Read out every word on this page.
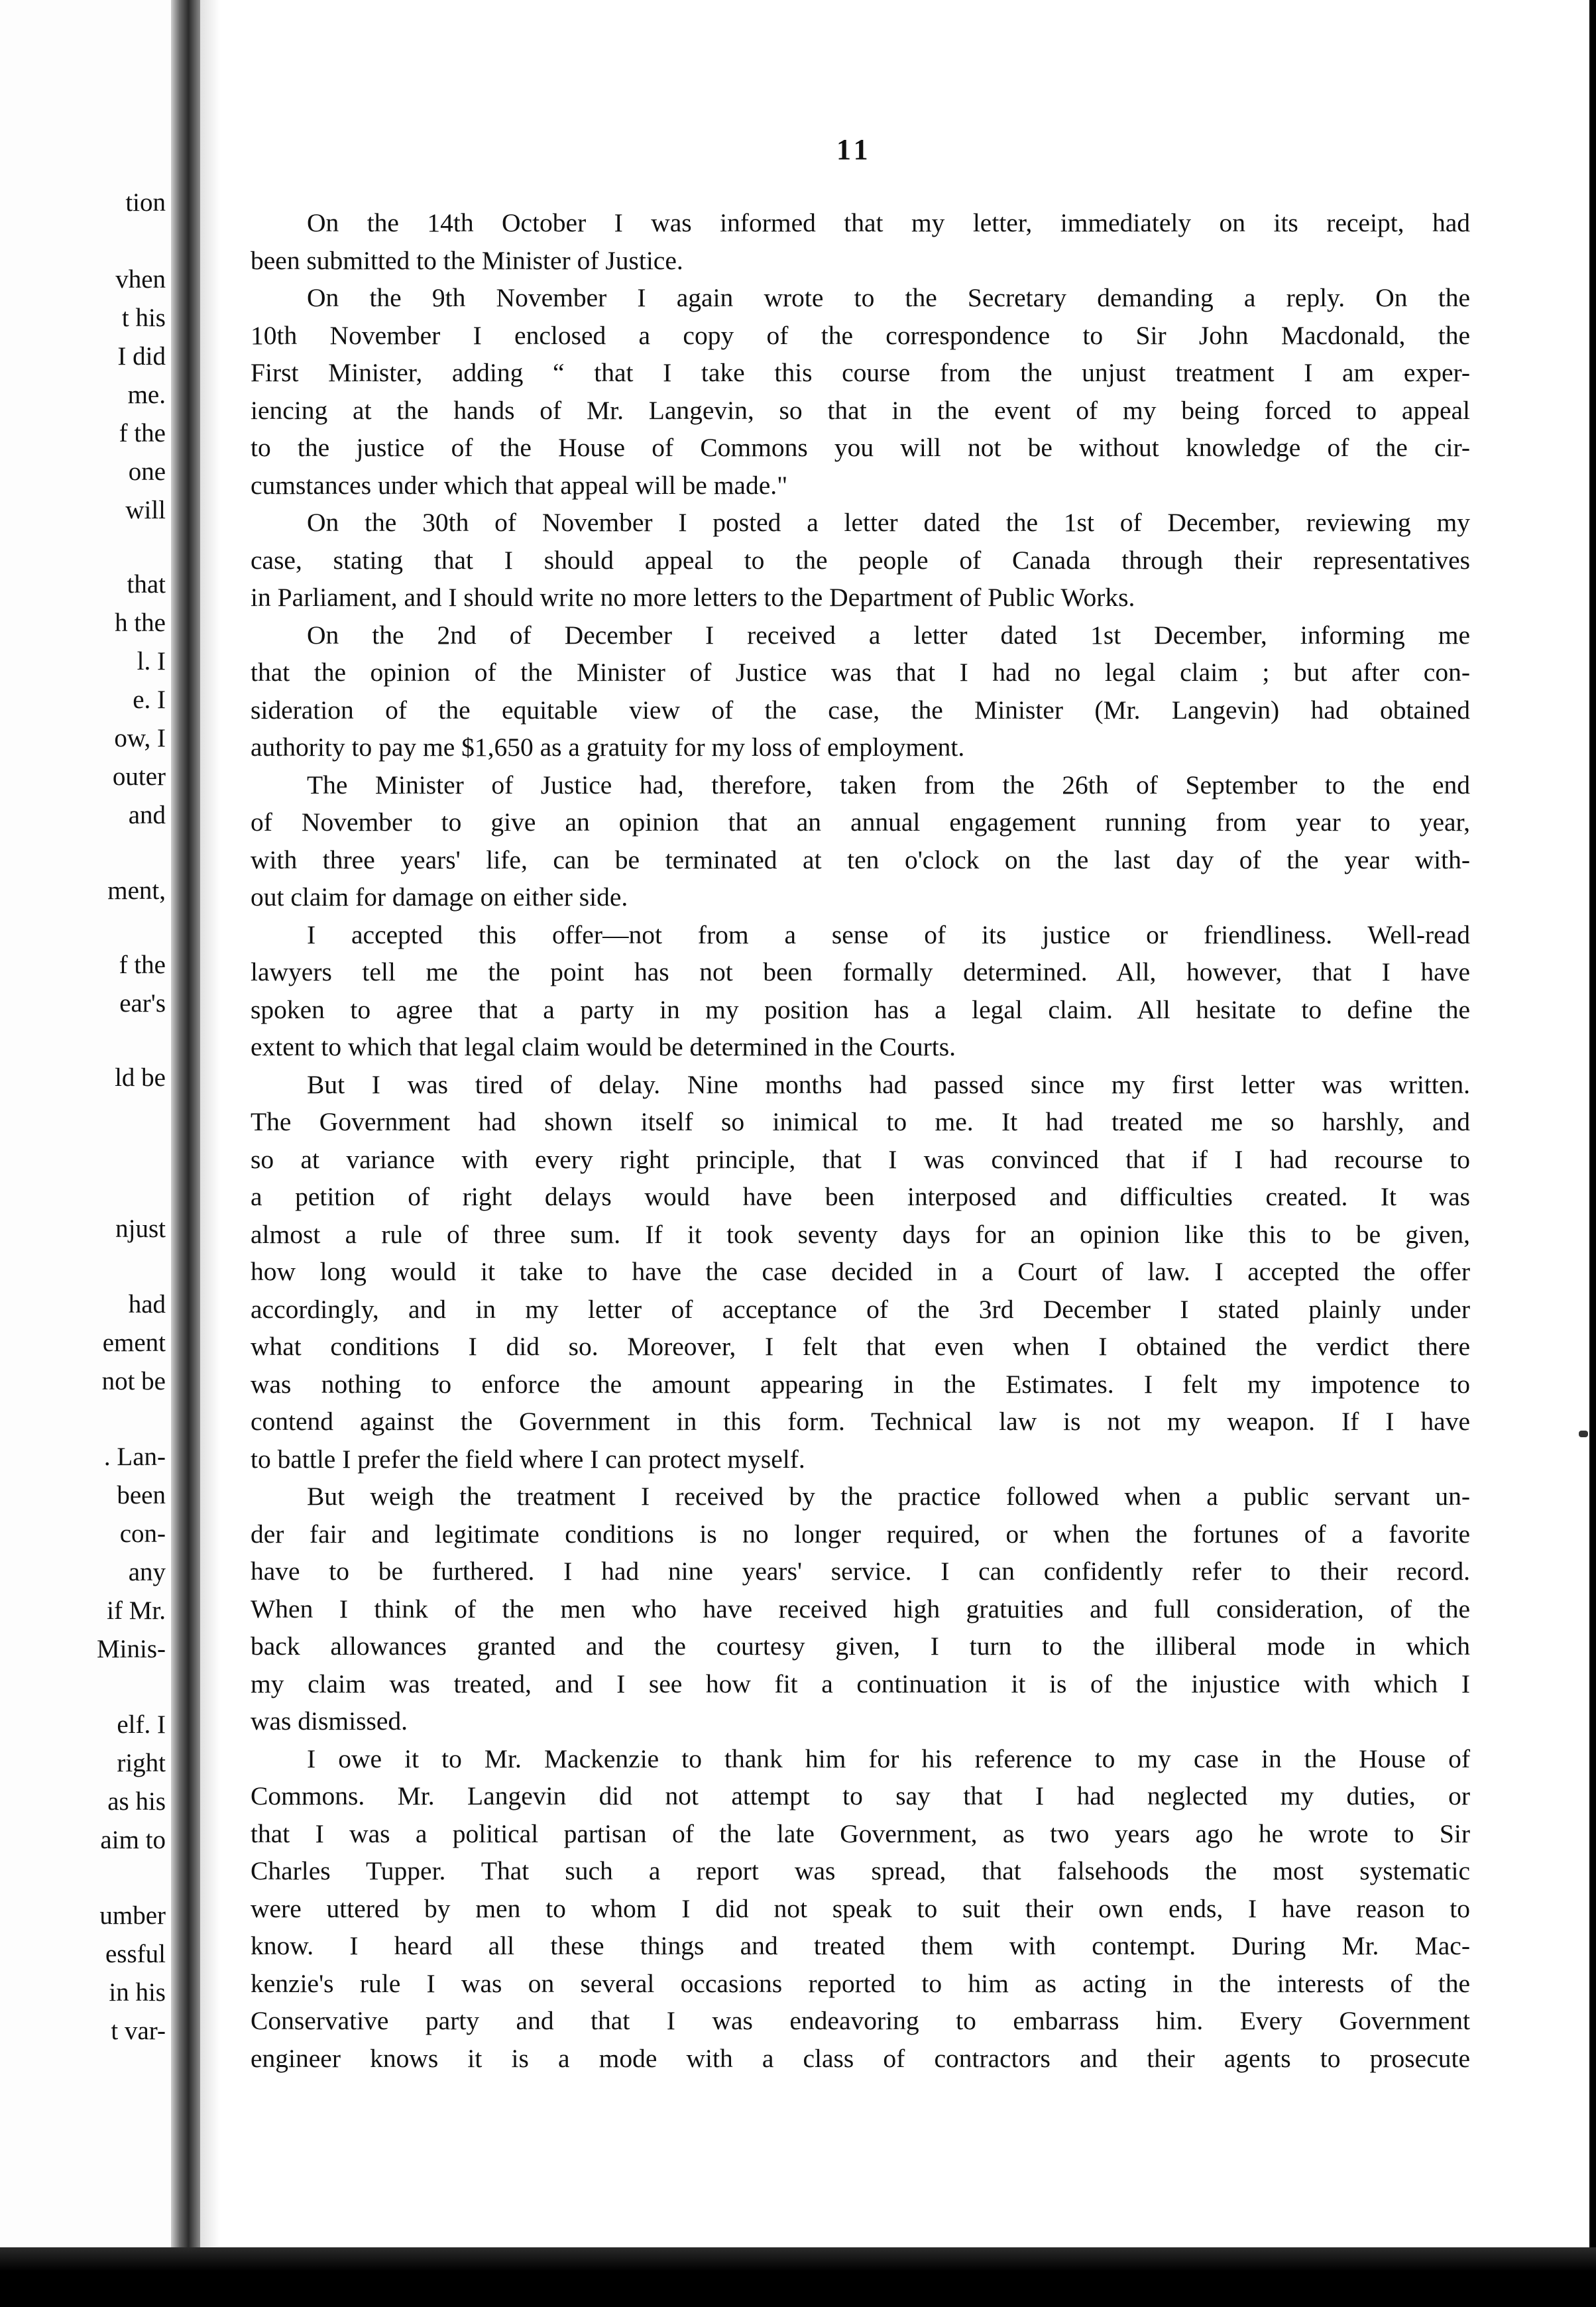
tion
vhen
t his
I did
me.
f the
one
will
that
h the
l. I
e. I
ow, I
outer
and
ment,
f the
ear's
ld be
njust
had
ement
not be
. Lan-
been
con-
any
if Mr.
Minis-
elf. I
right
as his
aim to
umber
essful
in his
t var-
11
On the 14th October I was informed that my letter, immediately on its receipt, had
been submitted to the Minister of Justice.
On the 9th November I again wrote to the Secretary demanding a reply. On the
10th November I enclosed a copy of the correspondence to Sir John Macdonald, the
First Minister, adding “ that I take this course from the unjust treatment I am exper-
iencing at the hands of Mr. Langevin, so that in the event of my being forced to appeal
to the justice of the House of Commons you will not be without knowledge of the cir-
cumstances under which that appeal will be made."
On the 30th of November I posted a letter dated the 1st of December, reviewing my
case, stating that I should appeal to the people of Canada through their representatives
in Parliament, and I should write no more letters to the Department of Public Works.
On the 2nd of December I received a letter dated 1st December, informing me
that the opinion of the Minister of Justice was that I had no legal claim ; but after con-
sideration of the equitable view of the case, the Minister (Mr. Langevin) had obtained
authority to pay me $1,650 as a gratuity for my loss of employment.
The Minister of Justice had, therefore, taken from the 26th of September to the end
of November to give an opinion that an annual engagement running from year to year,
with three years' life, can be terminated at ten o'clock on the last day of the year with-
out claim for damage on either side.
I accepted this offer—not from a sense of its justice or friendliness. Well-read
lawyers tell me the point has not been formally determined. All, however, that I have
spoken to agree that a party in my position has a legal claim. All hesitate to define the
extent to which that legal claim would be determined in the Courts.
But I was tired of delay. Nine months had passed since my first letter was written.
The Government had shown itself so inimical to me. It had treated me so harshly, and
so at variance with every right principle, that I was convinced that if I had recourse to
a petition of right delays would have been interposed and difficulties created. It was
almost a rule of three sum. If it took seventy days for an opinion like this to be given,
how long would it take to have the case decided in a Court of law. I accepted the offer
accordingly, and in my letter of acceptance of the 3rd December I stated plainly under
what conditions I did so. Moreover, I felt that even when I obtained the verdict there
was nothing to enforce the amount appearing in the Estimates. I felt my impotence to
contend against the Government in this form. Technical law is not my weapon. If I have
to battle I prefer the field where I can protect myself.
But weigh the treatment I received by the practice followed when a public servant un-
der fair and legitimate conditions is no longer required, or when the fortunes of a favorite
have to be furthered. I had nine years' service. I can confidently refer to their record.
When I think of the men who have received high gratuities and full consideration, of the
back allowances granted and the courtesy given, I turn to the illiberal mode in which
my claim was treated, and I see how fit a continuation it is of the injustice with which I
was dismissed.
I owe it to Mr. Mackenzie to thank him for his reference to my case in the House of
Commons. Mr. Langevin did not attempt to say that I had neglected my duties, or
that I was a political partisan of the late Government, as two years ago he wrote to Sir
Charles Tupper. That such a report was spread, that falsehoods the most systematic
were uttered by men to whom I did not speak to suit their own ends, I have reason to
know. I heard all these things and treated them with contempt. During Mr. Mac-
kenzie's rule I was on several occasions reported to him as acting in the interests of the
Conservative party and that I was endeavoring to embarrass him. Every Government
engineer knows it is a mode with a class of contractors and their agents to prosecute
